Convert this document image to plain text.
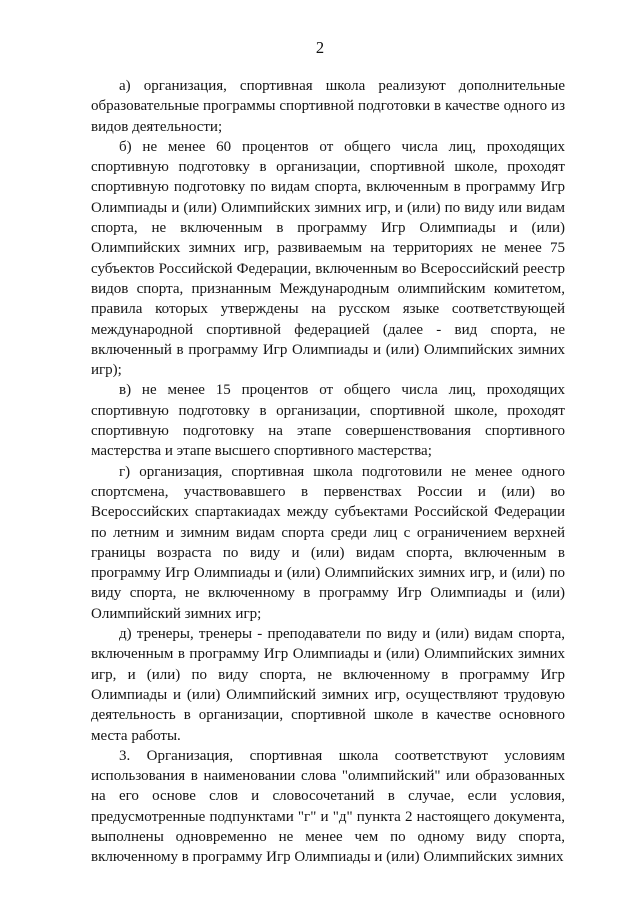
2

а) организация, спортивная школа реализуют дополнительные образовательные программы спортивной подготовки в качестве одного из видов деятельности;

б) не менее 60 процентов от общего числа лиц, проходящих спортивную подготовку в организации, спортивной школе, проходят спортивную подготовку по видам спорта, включенным в программу Игр Олимпиады и (или) Олимпийских зимних игр, и (или) по виду или видам спорта, не включенным в программу Игр Олимпиады и (или) Олимпийских зимних игр, развиваемым на территориях не менее 75 субъектов Российской Федерации, включенным во Всероссийский реестр видов спорта, признанным Международным олимпийским комитетом, правила которых утверждены на русском языке соответствующей международной спортивной федерацией (далее - вид спорта, не включенный в программу Игр Олимпиады и (или) Олимпийских зимних игр);

в) не менее 15 процентов от общего числа лиц, проходящих спортивную подготовку в организации, спортивной школе, проходят спортивную подготовку на этапе совершенствования спортивного мастерства и этапе высшего спортивного мастерства;

г) организация, спортивная школа подготовили не менее одного спортсмена, участвовавшего в первенствах России и (или) во Всероссийских спартакиадах между субъектами Российской Федерации по летним и зимним видам спорта среди лиц с ограничением верхней границы возраста по виду и (или) видам спорта, включенным в программу Игр Олимпиады и (или) Олимпийских зимних игр, и (или) по виду спорта, не включенному в программу Игр Олимпиады и (или) Олимпийский зимних игр;

д) тренеры, тренеры - преподаватели по виду и (или) видам спорта, включенным в программу Игр Олимпиады и (или) Олимпийских зимних игр, и (или) по виду спорта, не включенному в программу Игр Олимпиады и (или) Олимпийский зимних игр, осуществляют трудовую деятельность в организации, спортивной школе в качестве основного места работы.

3. Организация, спортивная школа соответствуют условиям использования в наименовании слова "олимпийский" или образованных на его основе слов и словосочетаний в случае, если условия, предусмотренные подпунктами "г" и "д" пункта 2 настоящего документа, выполнены одновременно не менее чем по одному виду спорта, включенному в программу Игр Олимпиады и (или) Олимпийских зимних
